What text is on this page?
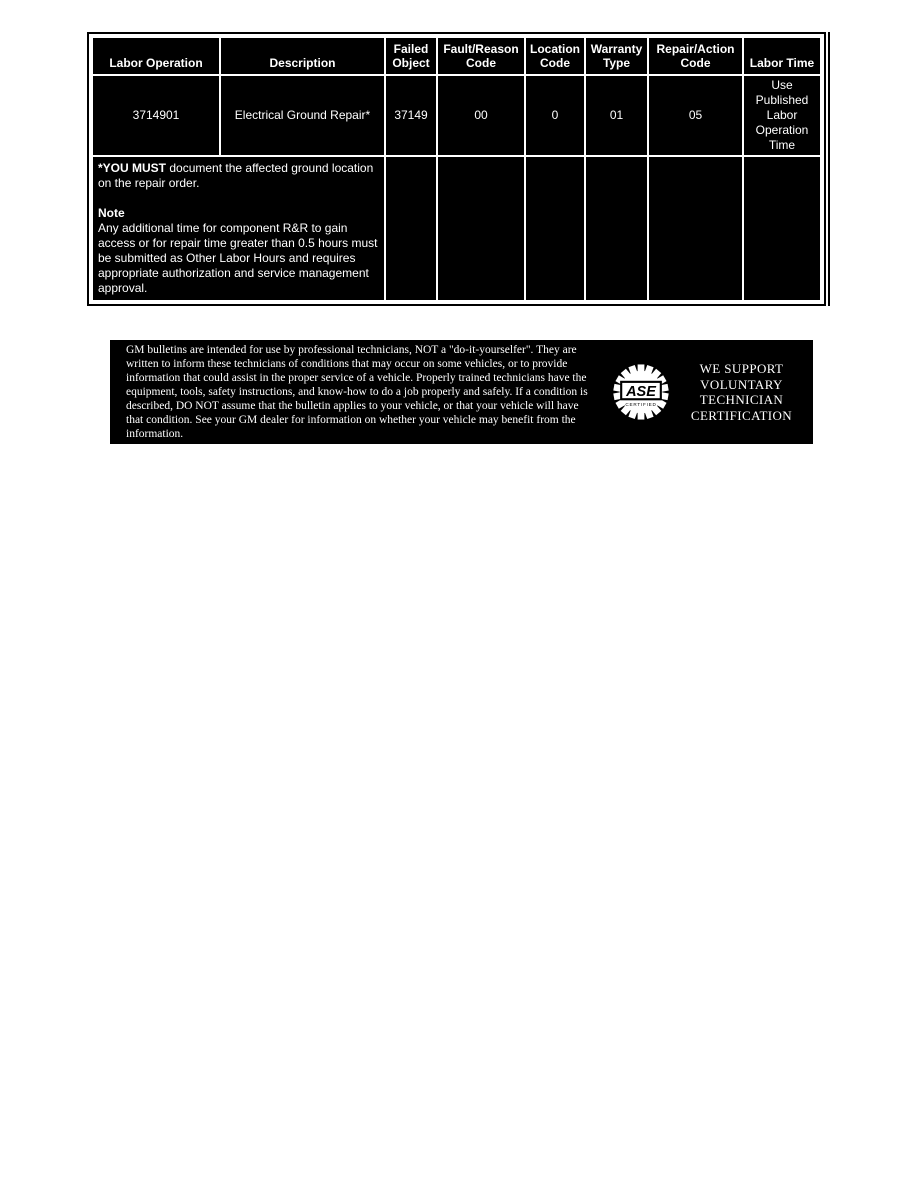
Labor Operation	Description	Failed Object	Fault/Reason Code	Location Code	Warranty Type	Repair/Action Code	Labor Time
3714901	Electrical Ground Repair*	37149	00	0	01	05	Use Published Labor Operation Time

*YOU MUST document the affected ground location on the repair order.
Note
Any additional time for component R&R to gain access or for repair time greater than 0.5 hours must be submitted as Other Labor Hours and requires appropriate authorization and service management approval.							

GM bulletins are intended for use by professional technicians, NOT a "do-it-yourselfer". They are written to inform these technicians of conditions that may occur on some vehicles, or to provide information that could assist in the proper service of a vehicle. Properly trained technicians have the equipment, tools, safety instructions, and know-how to do a job properly and safely. If a condition is described, DO NOT assume that the bulletin applies to your vehicle, or that your vehicle will have that condition. See your GM dealer for information on whether your vehicle may benefit from the information.
ASE
CERTIFIED
WE SUPPORT
VOLUNTARY
TECHNICIAN
CERTIFICATION
